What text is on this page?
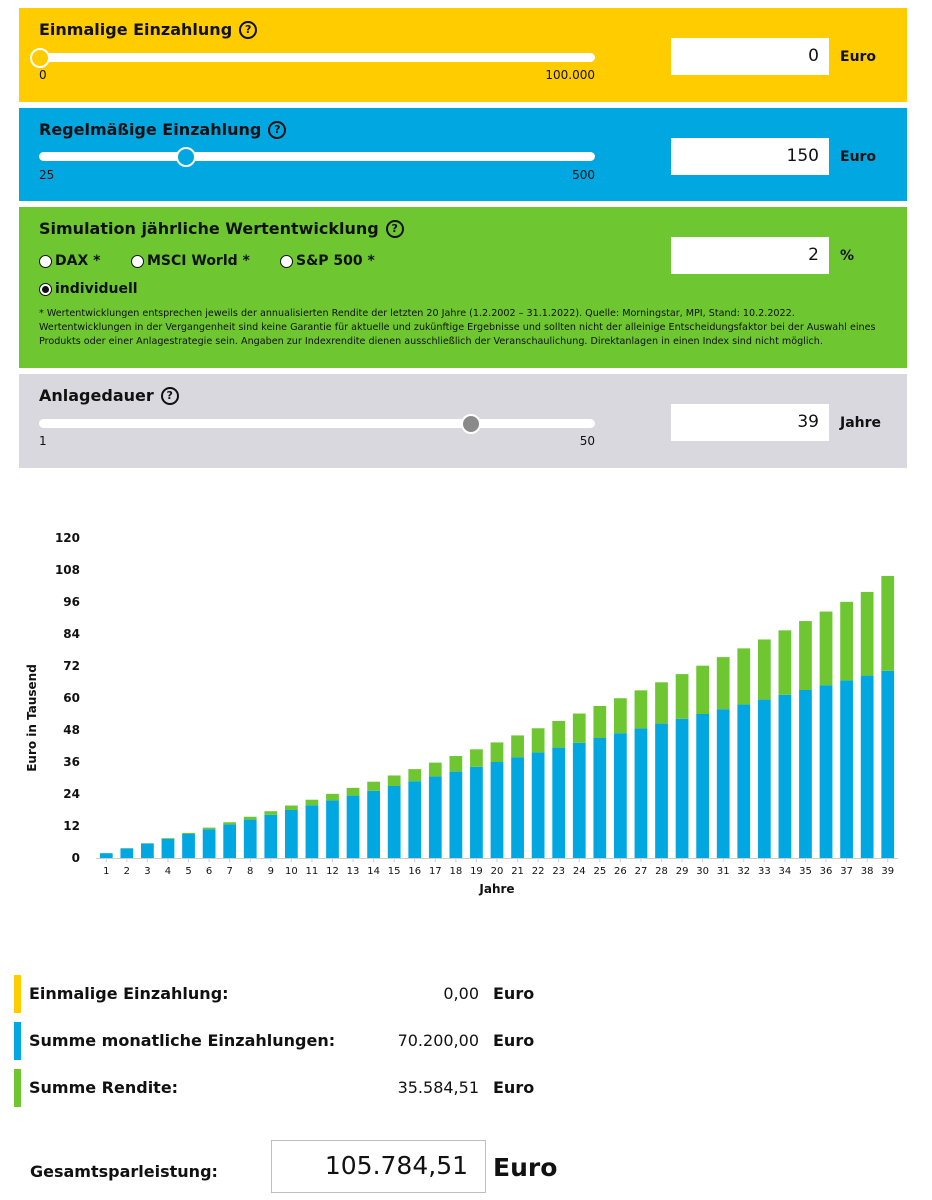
Einmalige Einzahlung	?
0	100.000
0	Euro
Regelmäßige Einzahlung	?
25	500
150	Euro
Simulation jährliche Wertentwicklung	?
DAX *	MSCI World *	S&P 500 *
individuell
* Wertentwicklungen entsprechen jeweils der annualisierten Rendite der letzten 20 Jahre (1.2.2002 – 31.1.2022). Quelle: Morningstar, MPI, Stand: 10.2.2022. Wertentwicklungen in der Vergangenheit sind keine Garantie für aktuelle und zukünftige Ergebnisse und sollten nicht der alleinige Entscheidungsfaktor bei der Auswahl eines Produkts oder einer Anlagestrategie sein. Angaben zur Indexrendite dienen ausschließlich der Veranschaulichung. Direktanlagen in einen Index sind nicht möglich.
2	%
Anlagedauer	?
1	50
39	Jahre
0
12
24
36
48
60
72
84
96
108
120
1 2 3 4 5 6 7 8 9 10 11 12 13 14 15 16 17 18 19 20 21 22 23 24 25 26 27 28 29 30 31 32 33 34 35 36 37 38 39
Jahre
Euro in Tausend
Einmalige Einzahlung:	0,00 Euro
Summe monatliche Einzahlungen:	70.200,00 Euro
Summe Rendite:	35.584,51 Euro
Gesamtsparleistung:	105.784,51	Euro
